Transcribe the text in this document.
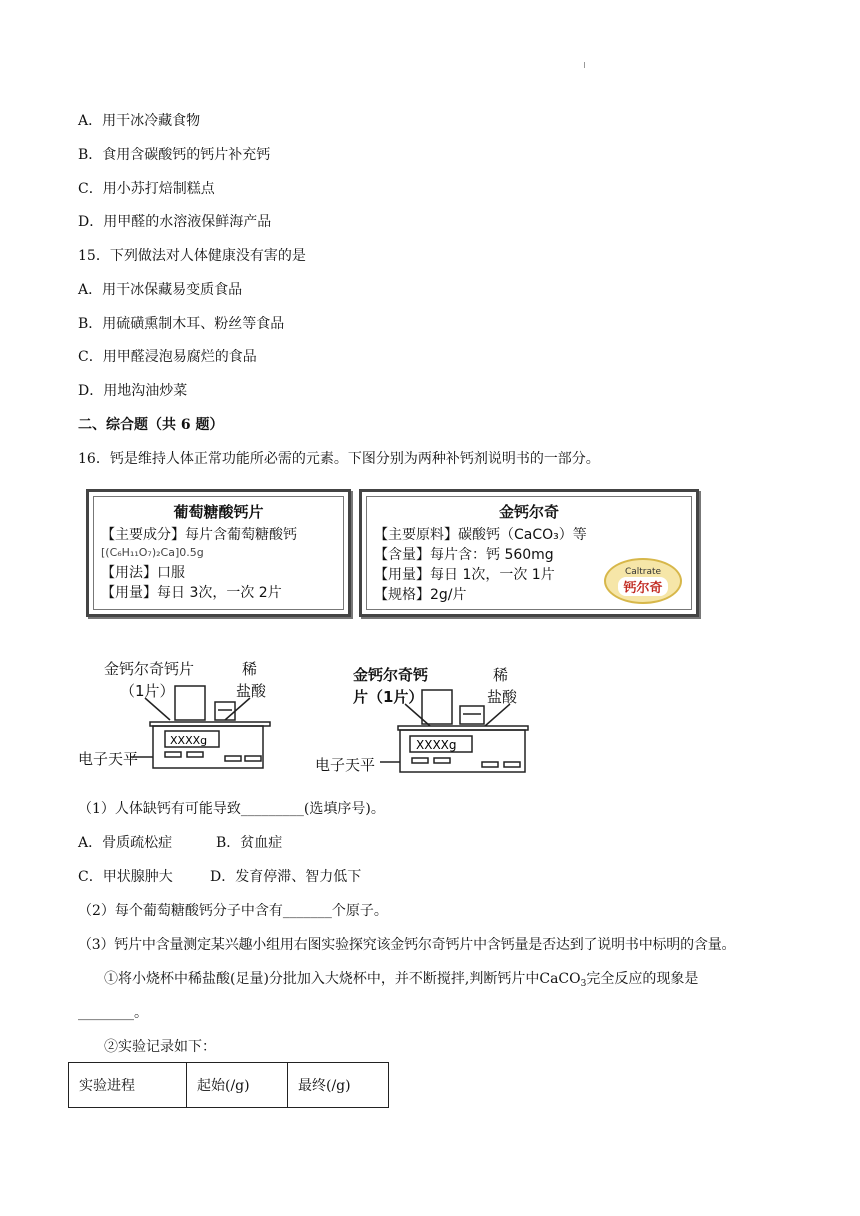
A．用干冰冷藏食物
B．食用含碳酸钙的钙片补充钙
C．用小苏打焙制糕点
D．用甲醛的水溶液保鲜海产品
15．下列做法对人体健康没有害的是
A．用干冰保藏易变质食品
B．用硫磺熏制木耳、粉丝等食品
C．用甲醛浸泡易腐烂的食品
D．用地沟油炒菜
二、综合题（共 6 题）
16．钙是维持人体正常功能所必需的元素。下图分别为两种补钙剂说明书的一部分。
葡萄糖酸钙片
【主要成分】每片含葡萄糖酸钙
[(C₆H₁₁O₇)₂Ca]0.5g
【用法】口服
【用量】每日 3次，一次 2片
金钙尔奇
【主要原料】碳酸钙（CaCO₃）等
【含量】每片含：钙 560mg
【用量】每日 1次，一次 1片
【规格】2g/片
Caltrate
钙尔奇
金钙尔奇钙片
（1片）
稀
盐酸
XXXXg
电子天平
金钙尔奇钙
片（1片）
稀
盐酸
XXXXg
电子天平
（1）人体缺钙有可能导致_________(选填序号)。
A．骨质疏松症	B．贫血症
C．甲状腺肿大	D．发育停滞、智力低下
（2）每个葡萄糖酸钙分子中含有_______个原子。
（3）钙片中含量测定某兴趣小组用右图实验探究该金钙尔奇钙片中含钙量是否达到了说明书中标明的含量。
①将小烧杯中稀盐酸(足量)分批加入大烧杯中，并不断搅拌,判断钙片中CaCO$_3$完全反应的现象是
________。
②实验记录如下：
实验进程	起始(/g)	最终(/g)
